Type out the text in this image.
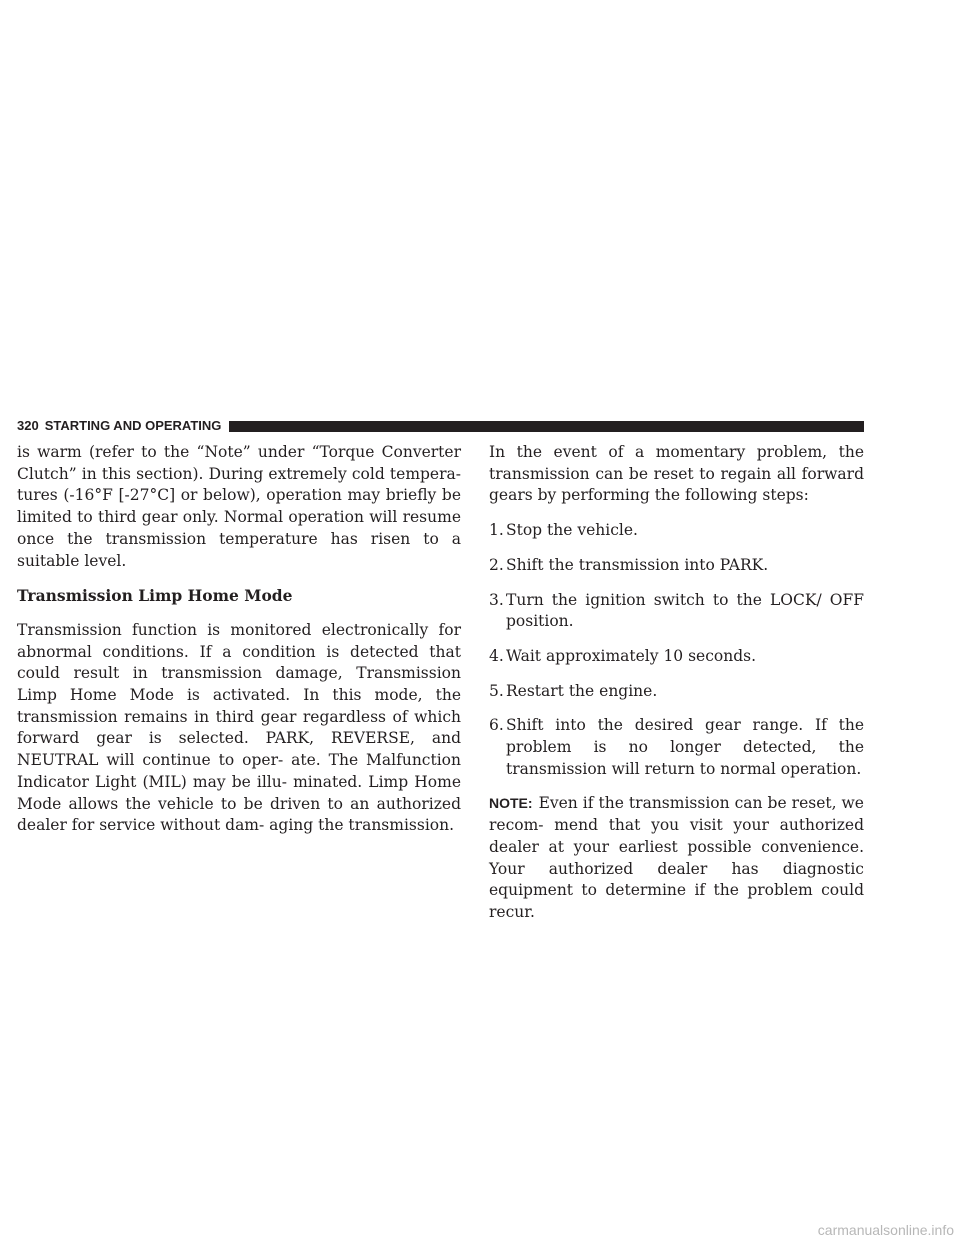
320 STARTING AND OPERATING

is warm (refer to the “Note” under “Torque Converter Clutch” in this section). During extremely cold tempera- tures (-16°F [-27°C] or below), operation may briefly be limited to third gear only. Normal operation will resume once the transmission temperature has risen to a suitable level.

Transmission Limp Home Mode

Transmission function is monitored electronically for abnormal conditions. If a condition is detected that could result in transmission damage, Transmission Limp Home Mode is activated. In this mode, the transmission remains in third gear regardless of which forward gear is selected. PARK, REVERSE, and NEUTRAL will continue to oper- ate. The Malfunction Indicator Light (MIL) may be illu- minated. Limp Home Mode allows the vehicle to be driven to an authorized dealer for service without dam- aging the transmission.

In the event of a momentary problem, the transmission can be reset to regain all forward gears by performing the following steps:

1. Stop the vehicle.
2. Shift the transmission into PARK.
3. Turn the ignition switch to the LOCK/ OFF position.
4. Wait approximately 10 seconds.
5. Restart the engine.
6. Shift into the desired gear range. If the problem is no longer detected, the transmission will return to normal operation.

NOTE: Even if the transmission can be reset, we recom- mend that you visit your authorized dealer at your earliest possible convenience. Your authorized dealer has diagnostic equipment to determine if the problem could recur.

carmanualsonline.info
